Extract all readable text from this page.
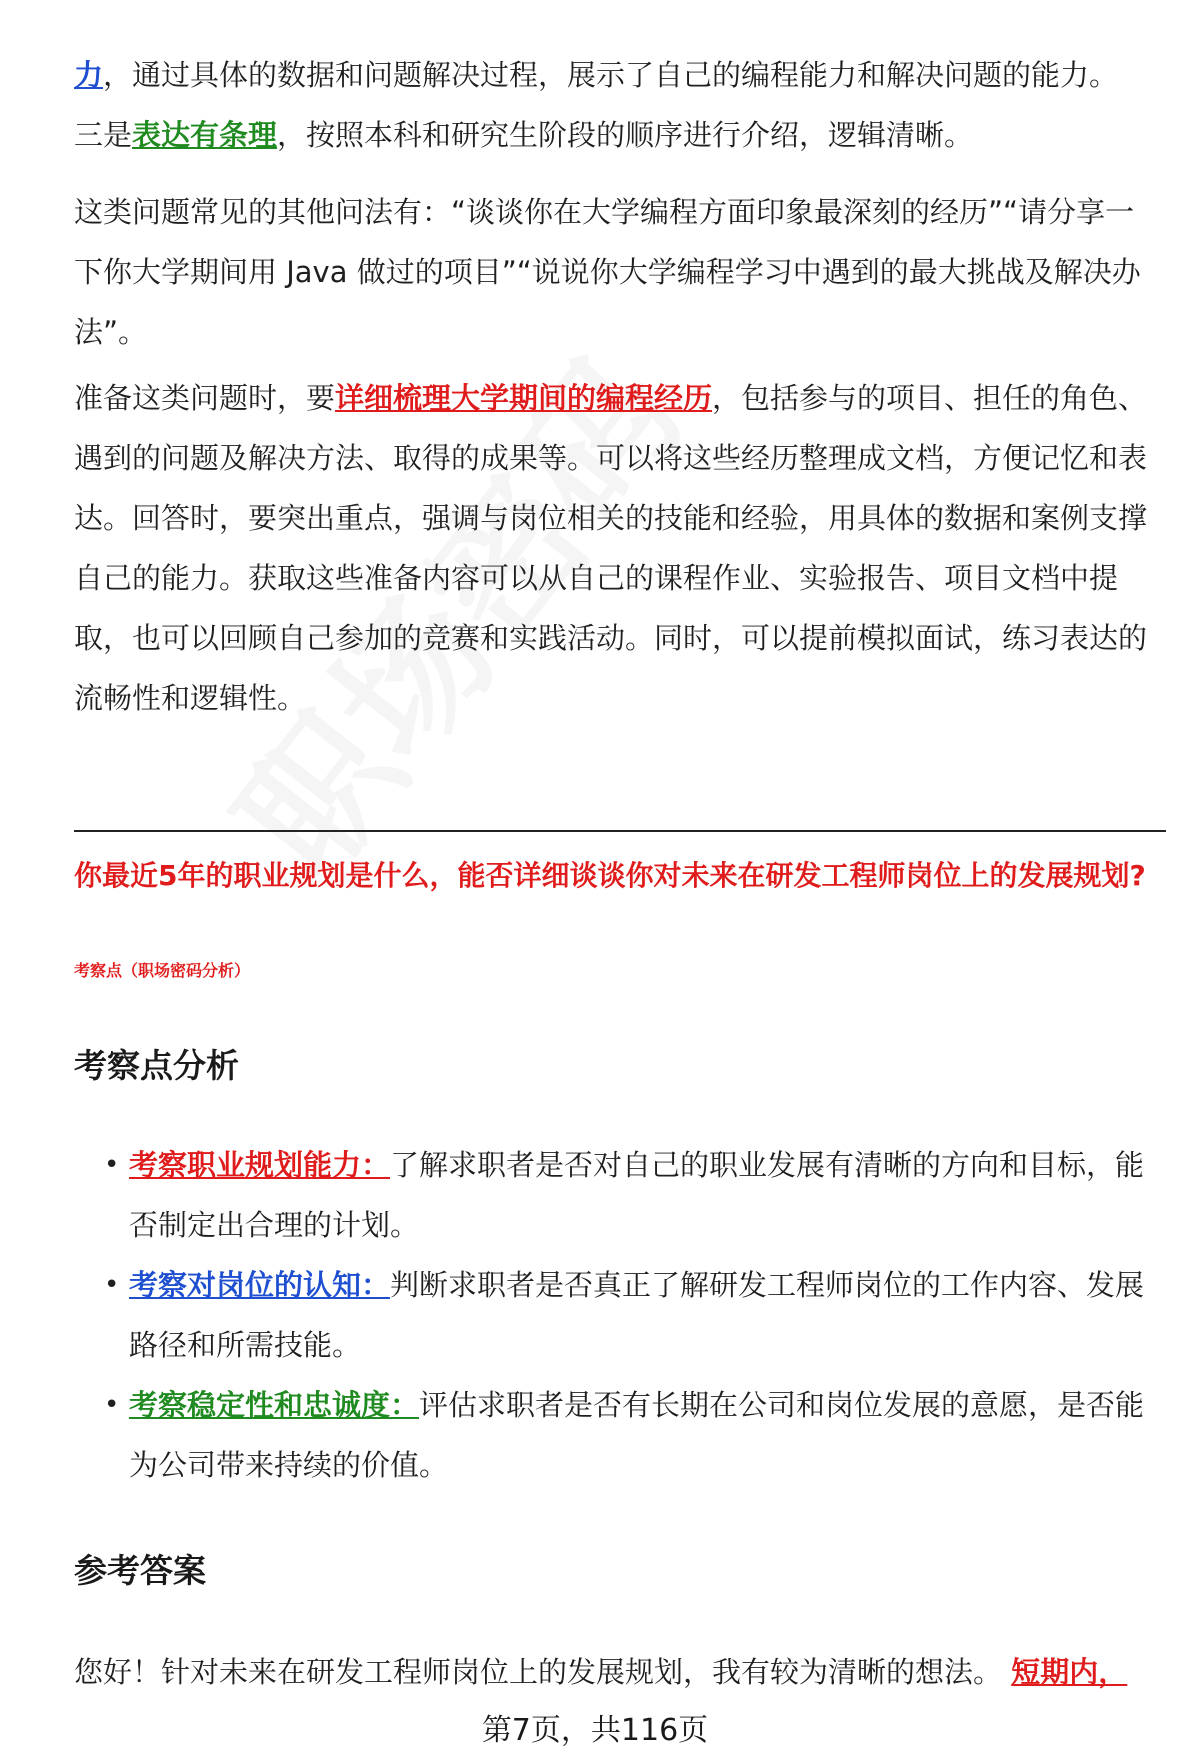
力，通过具体的数据和问题解决过程，展示了自己的编程能力和解决问题的能力。

三是表达有条理，按照本科和研究生阶段的顺序进行介绍，逻辑清晰。

这类问题常见的其他问法有：“谈谈你在大学编程方面印象最深刻的经历”“请分享一下你大学期间用 Java 做过的项目”“说说你大学编程学习中遇到的最大挑战及解决办法”。

准备这类问题时，要详细梳理大学期间的编程经历，包括参与的项目、担任的角色、遇到的问题及解决方法、取得的成果等。可以将这些经历整理成文档，方便记忆和表达。回答时，要突出重点，强调与岗位相关的技能和经验，用具体的数据和案例支撑自己的能力。获取这些准备内容可以从自己的课程作业、实验报告、项目文档中提取，也可以回顾自己参加的竞赛和实践活动。同时，可以提前模拟面试，练习表达的流畅性和逻辑性。

你最近5年的职业规划是什么，能否详细谈谈你对未来在研发工程师岗位上的发展规划?
考察点（职场密码分析）
考察点分析
• 考察职业规划能力：了解求职者是否对自己的职业发展有清晰的方向和目标，能否制定出合理的计划。
• 考察对岗位的认知：判断求职者是否真正了解研发工程师岗位的工作内容、发展路径和所需技能。
• 考察稳定性和忠诚度：评估求职者是否有长期在公司和岗位发展的意愿，是否能为公司带来持续的价值。
参考答案

您好！针对未来在研发工程师岗位上的发展规划，我有较为清晰的想法。 短期内，

第7页，共116页
